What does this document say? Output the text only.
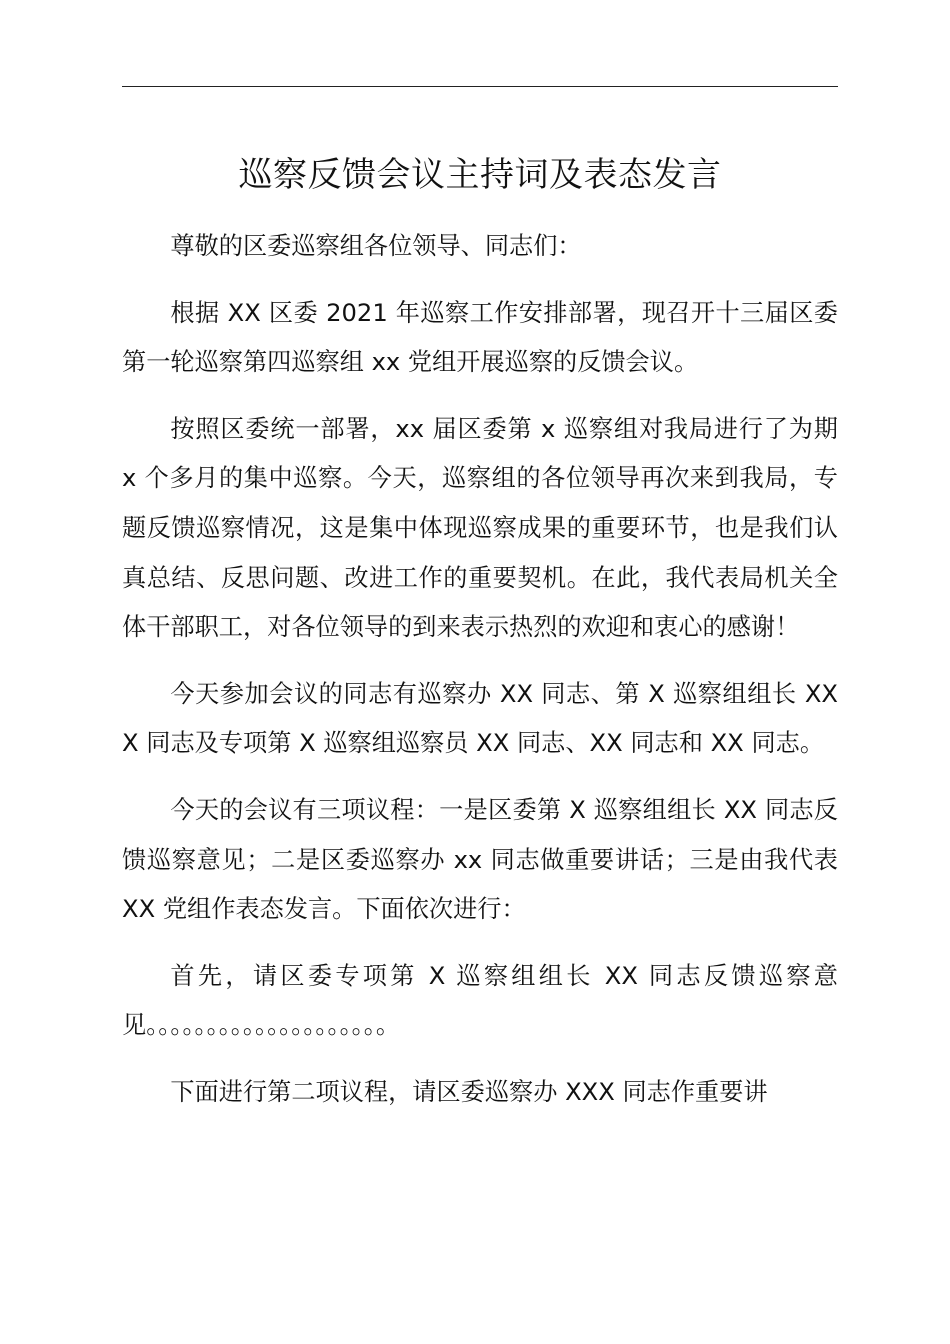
巡察反馈会议主持词及表态发言

尊敬的区委巡察组各位领导、同志们：

根据 XX 区委 2021 年巡察工作安排部署，现召开十三届区委第一轮巡察第四巡察组 xx 党组开展巡察的反馈会议。

按照区委统一部署，xx 届区委第 x 巡察组对我局进行了为期 x 个多月的集中巡察。今天，巡察组的各位领导再次来到我局，专题反馈巡察情况，这是集中体现巡察成果的重要环节，也是我们认真总结、反思问题、改进工作的重要契机。在此，我代表局机关全体干部职工，对各位领导的到来表示热烈的欢迎和衷心的感谢！

今天参加会议的同志有巡察办 XX 同志、第 X 巡察组组长 XXX 同志及专项第 X 巡察组巡察员 XX 同志、XX 同志和 XX 同志。

今天的会议有三项议程：一是区委第 X 巡察组组长 XX 同志反馈巡察意见；二是区委巡察办 xx 同志做重要讲话；三是由我代表 XX 党组作表态发言。下面依次进行：

首先，请区委专项第 X 巡察组组长 XX 同志反馈巡察意见。。。。。。。。。。。。。。。。。。。。

下面进行第二项议程，请区委巡察办 XXX 同志作重要讲
